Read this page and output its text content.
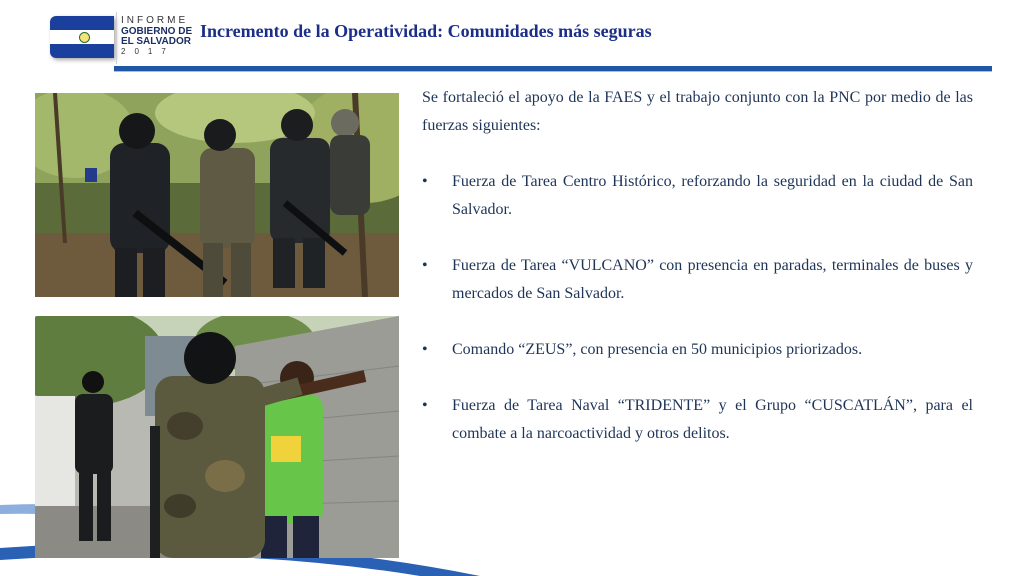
INFORME
GOBIERNO DE
EL SALVADOR
2017
Incremento de la Operatividad: Comunidades más seguras

Se fortaleció el apoyo de la FAES y el trabajo conjunto con la PNC por medio de las fuerzas siguientes:

• Fuerza de Tarea Centro Histórico, reforzando la seguridad en la ciudad de San Salvador.
• Fuerza de Tarea “VULCANO” con presencia en paradas, terminales de buses y mercados de San Salvador.
• Comando “ZEUS”, con presencia en 50 municipios priorizados.
• Fuerza de Tarea Naval “TRIDENTE” y el Grupo “CUSCATLÁN”, para el combate a la narcoactividad y otros delitos.
